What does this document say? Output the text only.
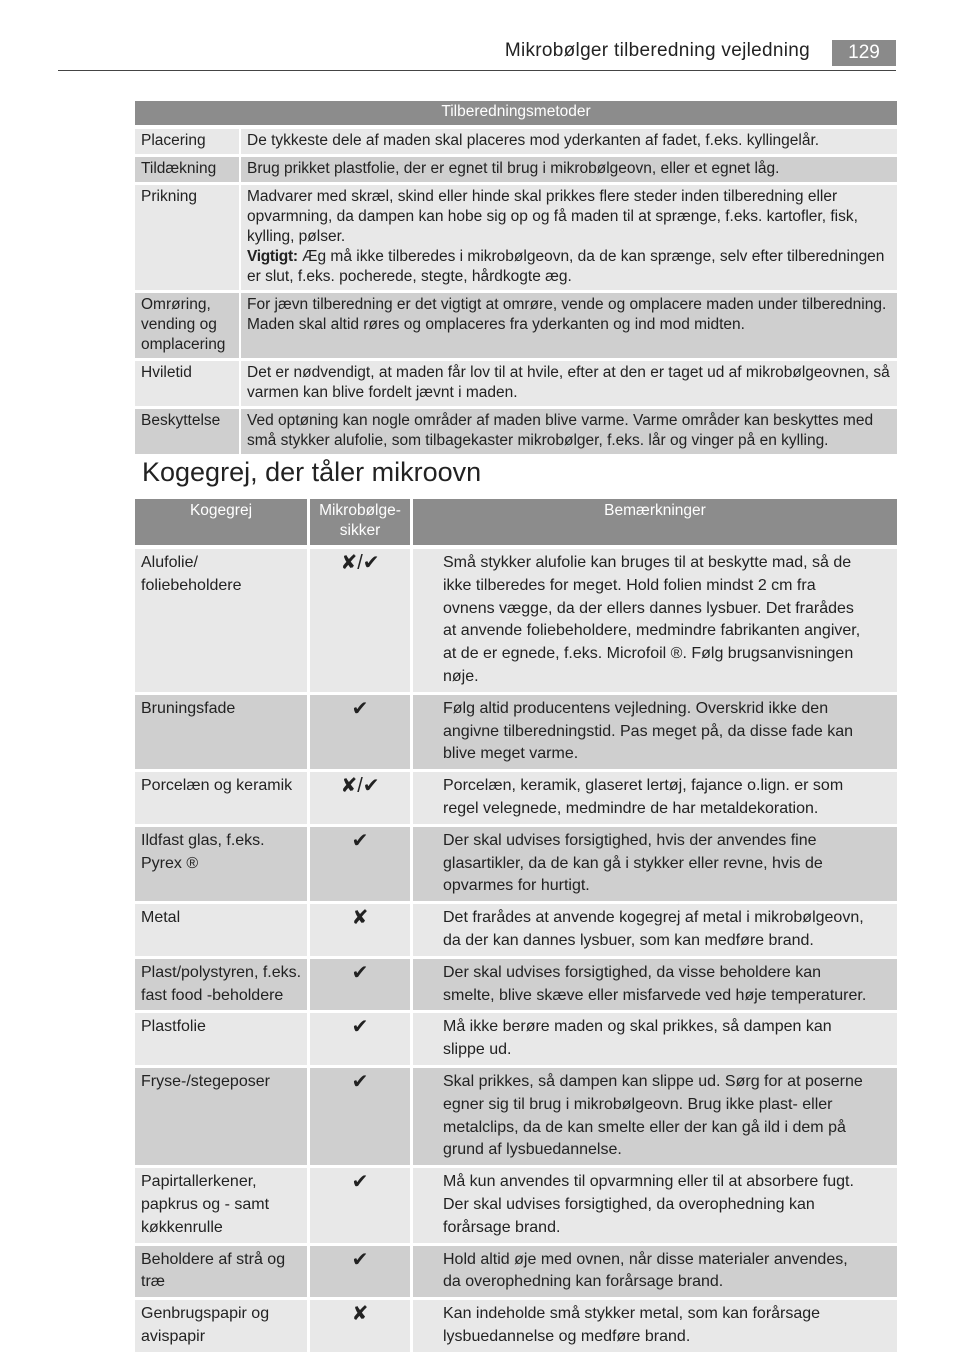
Mikrobølger tilberedning vejledning	129
Tilberedningsmetoder	
Placering	De tykkeste dele af maden skal placeres mod yderkanten af fadet, f.eks. kyllingelår.
Tildækning	Brug prikket plastfolie, der er egnet til brug i mikrobølgeovn, eller et egnet låg.
Prikning	Madvarer med skræl, skind eller hinde skal prikkes flere steder inden tilberedning eller opvarmning, da dampen kan hobe sig op og få maden til at sprænge, f.eks. kartofler, fisk, kylling, pølser.
Vigtigt: Æg må ikke tilberedes i mikrobølgeovn, da de kan sprænge, selv efter tilberedningen er slut, f.eks. pocherede, stegte, hårdkogte æg.
Omrøring, vending og omplacering	For jævn tilberedning er det vigtigt at omrøre, vende og omplacere maden under tilberedning. Maden skal altid røres og omplaceres fra yderkanten og ind mod midten.
Hviletid	Det er nødvendigt, at maden får lov til at hvile, efter at den er taget ud af mikrobølgeovnen, så varmen kan blive fordelt jævnt i maden.
Beskyttelse	Ved optøning kan nogle områder af maden blive varme. Varme områder kan beskyttes med små stykker alufolie, som tilbagekaster mikrobølger, f.eks. lår og vinger på en kylling.
Kogegrej, der tåler mikroovn
Kogegrej	Mikrobølge-sikker	Bemærkninger
Alufolie/ foliebeholdere	✘/✔	Små stykker alufolie kan bruges til at beskytte mad, så de ikke tilberedes for meget. Hold folien mindst 2 cm fra ovnens vægge, da der ellers dannes lysbuer. Det frarådes at anvende foliebeholdere, medmindre fabrikanten angiver, at de er egnede, f.eks. Microfoil ®. Følg brugsanvisningen nøje.
Bruningsfade	✔	Følg altid producentens vejledning. Overskrid ikke den angivne tilberedningstid. Pas meget på, da disse fade kan blive meget varme.
Porcelæn og keramik	✘/✔	Porcelæn, keramik, glaseret lertøj, fajance o.lign. er som regel velegnede, medmindre de har metaldekoration.
Ildfast glas, f.eks. Pyrex ®	✔	Der skal udvises forsigtighed, hvis der anvendes fine glasartikler, da de kan gå i stykker eller revne, hvis de opvarmes for hurtigt.
Metal	✘	Det frarådes at anvende kogegrej af metal i mikrobølgeovn, da der kan dannes lysbuer, som kan medføre brand.
Plast/polystyren, f.eks. fast food -beholdere	✔	Der skal udvises forsigtighed, da visse beholdere kan smelte, blive skæve eller misfarvede ved høje temperaturer.
Plastfolie	✔	Må ikke berøre maden og skal prikkes, så dampen kan slippe ud.
Fryse-/stegeposer	✔	Skal prikkes, så dampen kan slippe ud. Sørg for at poserne egner sig til brug i mikrobølgeovn. Brug ikke plast- eller metalclips, da de kan smelte eller der kan gå ild i dem på grund af lysbuedannelse.
Papirtallerkener, papkrus og - samt køkkenrulle	✔	Må kun anvendes til opvarmning eller til at absorbere fugt. Der skal udvises forsigtighed, da overophedning kan forårsage brand.
Beholdere af strå og træ	✔	Hold altid øje med ovnen, når disse materialer anvendes, da overophedning kan forårsage brand.
Genbrugspapir og avispapir	✘	Kan indeholde små stykker metal, som kan forårsage lysbuedannelse og medføre brand.
